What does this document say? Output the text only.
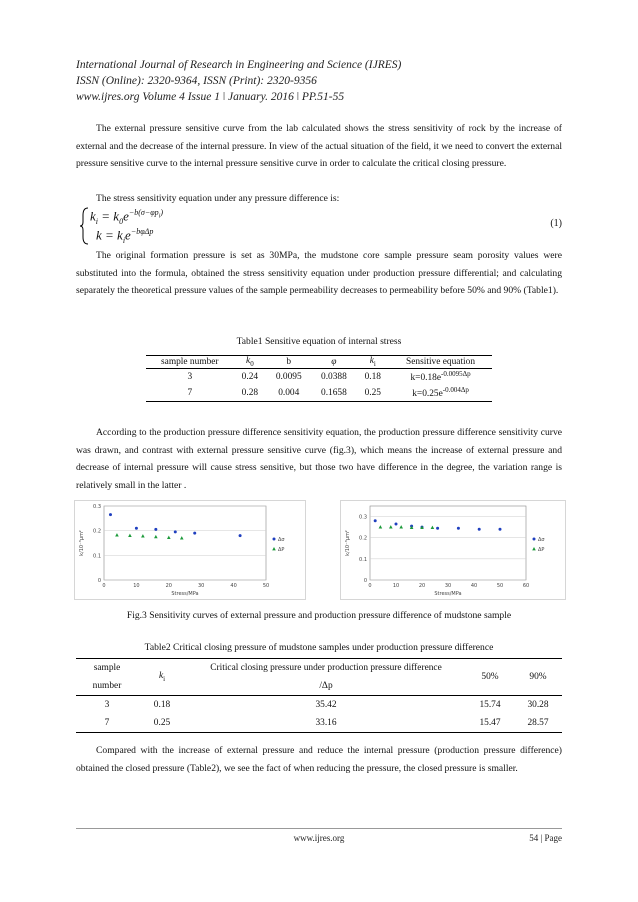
International Journal of Research in Engineering and Science (IJRES)
ISSN (Online): 2320-9364, ISSN (Print): 2320-9356
www.ijres.org Volume 4 Issue 1 ǀ January. 2016 ǀ PP.51-55
The external pressure sensitive curve from the lab calculated shows the stress sensitivity of rock by the increase of external and the decrease of the internal pressure. In view of the actual situation of the field, it we need to convert the external pressure sensitive curve to the internal pressure sensitive curve in order to calculate the critical closing pressure.
The stress sensitivity equation under any pressure difference is:
$k_i = k_0e^{-b(\sigma-\varphi p_i)}$
$k = k_ie^{-b\varphi\Delta p}$
(1)
The original formation pressure is set as 30MPa, the mudstone core sample pressure seam porosity values were substituted into the formula, obtained the stress sensitivity equation under production pressure differential; and calculating separately the theoretical pressure values of the sample permeability decreases to permeability before 50% and 90% (Table1).
Table1 Sensitive equation of internal stress
sample number	$k_0$	b	φ	$k_i$	Sensitive equation
3	0.24	0.0095	0.0388	0.18	$k=0.18e^{-0.0095\Delta p}$
7	0.28	0.004	0.1658	0.25	$k=0.25e^{-0.004\Delta p}$
According to the production pressure difference sensitivity equation, the production pressure difference sensitivity curve was drawn, and contrast with external pressure sensitive curve (fig.3), which means the increase of external pressure and decrease of internal pressure will cause stress sensitive, but those two have difference in the degree, the variation range is relatively small in the latter .
0
0.1
0.2
0.3
0	10	20	30	40	50
Stress/MPa
k/10⁻³μm²	Δσ
ΔP
0
0.1
0.2
0.3
0	10	20	30	40	50	60
Stress/MPa
k/10⁻³μm²	Δσ
ΔP
Fig.3 Sensitivity curves of external pressure and production pressure difference of mudstone sample
Table2 Critical closing pressure of mudstone samples under production pressure difference
sample
number	$k_i$	Critical closing pressure under production pressure difference
/Δp	50%	90%
3	0.18	35.42	15.74	30.28
7	0.25	33.16	15.47	28.57
Compared with the increase of external pressure and reduce the internal pressure (production pressure difference) obtained the closed pressure (Table2), we see the fact of when reducing the pressure, the closed pressure is smaller.
www.ijres.org	54 | Page
